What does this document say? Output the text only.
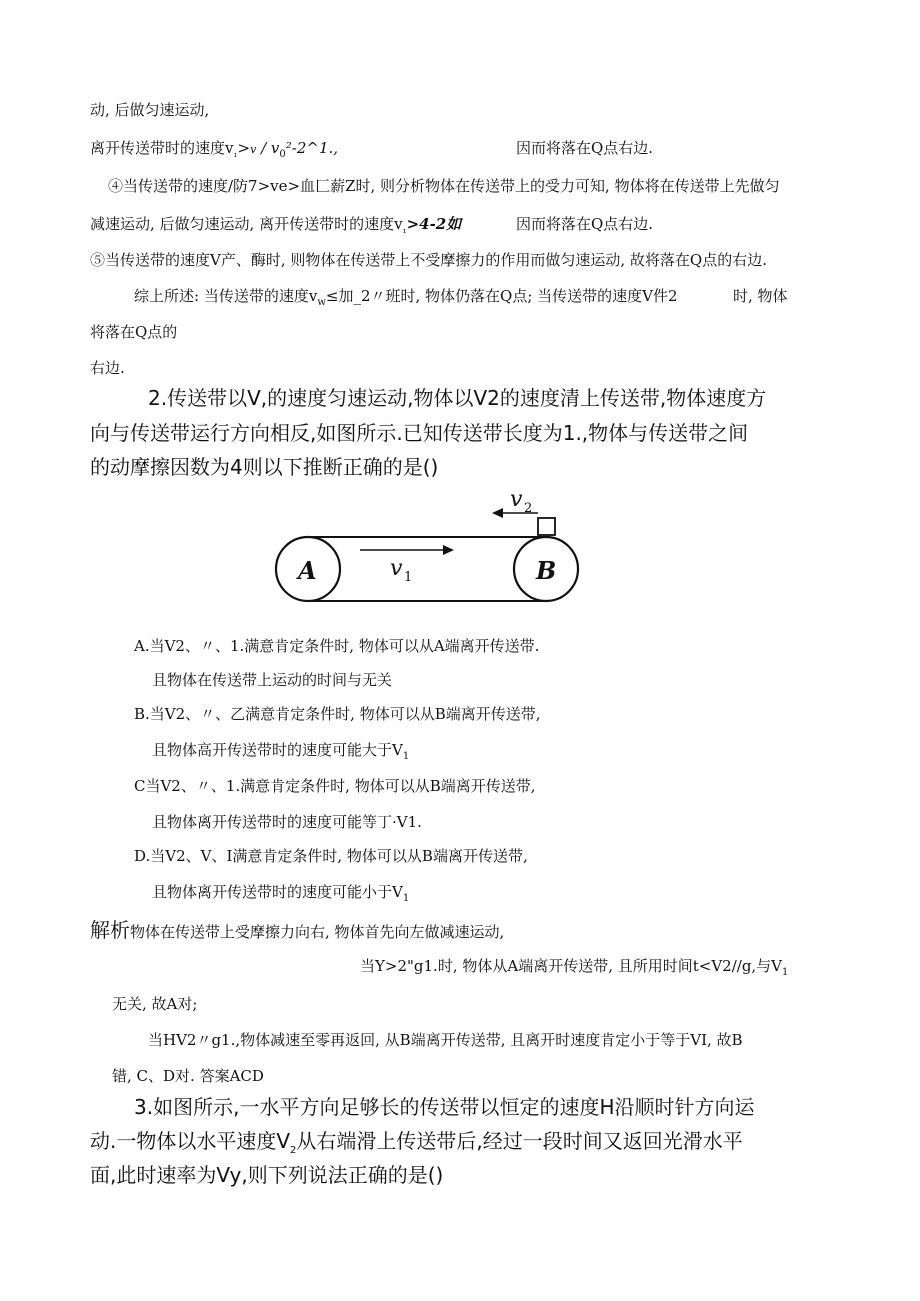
动, 后做匀速运动,
离开传送带时的速度$v_{_1}>v$ / $v_0^2-2\^{}1$.,	因而将落在Q点右边.
④当传送带的速度/防7>ve>血匚薪Z时, 则分析物体在传送带上的受力可知, 物体将在传送带上先做匀
减速运动, 后做匀速运动, 离开传送带时的速度$v_{_1}>4-2$如	因而将落在Q点右边.
⑤当传送带的速度V产、酶时, 则物体在传送带上不受摩擦力的作用而做匀速运动, 故将落在Q点的右边.
综上所述: 当传送带的速度$v_w\le$加_2〃班时, 物体仍落在Q点; 当传送带的速度V件2	时, 物体
将落在Q点的
右边.
2.传送带以V,的速度匀速运动,物体以V2的速度清上传送带,物体速度方
向与传送带运行方向相反,如图所示.已知传送带长度为1.,物体与传送带之间
的动摩擦因数为4则以下推断正确的是()
A	B
v 1
v 2
A.当V2、〃、1.满意肯定条件时, 物体可以从A端离开传送带.
且物体在传送带上运动的时间与无关
B.当V2、〃、乙满意肯定条件时, 物体可以从B端离开传送带,
且物体高开传送带时的速度可能大于$V_1$
C当V2、〃、1.满意肯定条件时, 物体可以从B端离开传送带,
且物体离开传送带时的速度可能等丁·V1.
D.当V2、V、I满意肯定条件时, 物体可以从B端离开传送带,
且物体离开传送带时的速度可能小于$V_1$
解析物体在传送带上受摩擦力向右, 物体首先向左做减速运动,
当Y>2"g1.时, 物体从A端离开传送带, 且所用时间t<V2//g,与$V_1$
无关, 故A对;
当HV2〃g1.,物体减速至零再返回, 从B端离开传送带, 且离开时速度肯定小于等于VI, 故B
错, C、D对. 答案ACD
3.如图所示,一水平方向足够长的传送带以恒定的速度H沿顺时针方向运
动.一物体以水平速度$V_2$从右端滑上传送带后,经过一段时间又返回光滑水平
面,此时速率为Vy,则下列说法正确的是()
